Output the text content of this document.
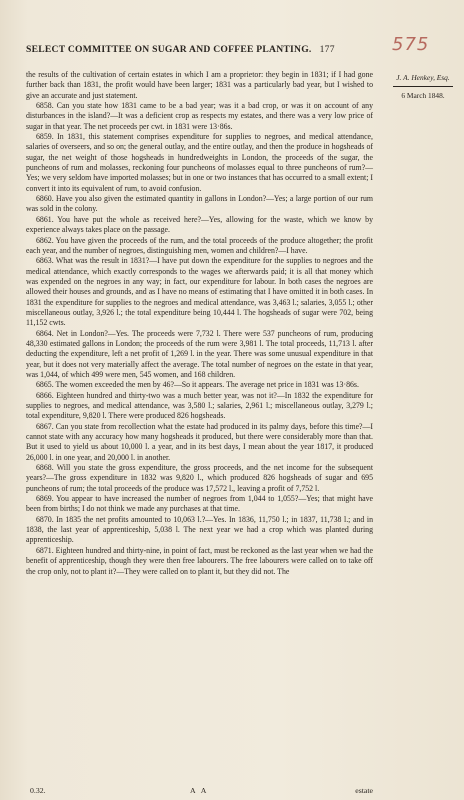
SELECT COMMITTEE ON SUGAR AND COFFEE PLANTING. 177	575
J. A. Henkey, Esq.
6 March 1848.

the results of the cultivation of certain estates in which I am a proprietor: they begin in 1831; if I had gone further back than 1831, the profit would have been larger; 1831 was a particularly bad year, but I wished to give an accurate and just statement.

6858. Can you state how 1831 came to be a bad year; was it a bad crop, or was it on account of any disturbances in the island?—It was a deficient crop as respects my estates, and there was a very low price of sugar in that year. The net proceeds per cwt. in 1831 were 13·86s.

6859. In 1831, this statement comprises expenditure for supplies to negroes, and medical attendance, salaries of overseers, and so on; the general outlay, and the entire outlay, and then the produce in hogsheads of sugar, the net weight of those hogsheads in hundredweights in London, the proceeds of the sugar, the puncheons of rum and molasses, reckoning four puncheons of molasses equal to three puncheons of rum?—Yes; we very seldom have imported molasses; but in one or two instances that has occurred to a small extent; I convert it into its equivalent of rum, to avoid confusion.

6860. Have you also given the estimated quantity in gallons in London?—Yes; a large portion of our rum was sold in the colony.

6861. You have put the whole as received here?—Yes, allowing for the waste, which we know by experience always takes place on the passage.

6862. You have given the proceeds of the rum, and the total proceeds of the produce altogether; the profit each year, and the number of negroes, distinguishing men, women and children?—I have.

6863. What was the result in 1831?—I have put down the expenditure for the supplies to negroes and the medical attendance, which exactly corresponds to the wages we afterwards paid; it is all that money which was expended on the negroes in any way; in fact, our expenditure for labour. In both cases the negroes are allowed their houses and grounds, and as I have no means of estimating that I have omitted it in both cases. In 1831 the expenditure for supplies to the negroes and medical attendance, was 3,463 l.; salaries, 3,055 l.; other miscellaneous outlay, 3,926 l.; the total expenditure being 10,444 l. The hogsheads of sugar were 702, being 11,152 cwts.

6864. Net in London?—Yes. The proceeds were 7,732 l. There were 537 puncheons of rum, producing 48,330 estimated gallons in London; the proceeds of the rum were 3,981 l. The total proceeds, 11,713 l. after deducting the expenditure, left a net profit of 1,269 l. in the year. There was some unusual expenditure in that year, but it does not very materially affect the average. The total number of negroes on the estate in that year, was 1,044, of which 499 were men, 545 women, and 168 children.

6865. The women exceeded the men by 46?—So it appears. The average net price in 1831 was 13·86s.

6866. Eighteen hundred and thirty-two was a much better year, was not it?—In 1832 the expenditure for supplies to negroes, and medical attendance, was 3,580 l.; salaries, 2,961 l.; miscellaneous outlay, 3,279 l.; total expenditure, 9,820 l. There were produced 826 hogsheads.

6867. Can you state from recollection what the estate had produced in its palmy days, before this time?—I cannot state with any accuracy how many hogsheads it produced, but there were considerably more than that. But it used to yield us about 10,000 l. a year, and in its best days, I mean about the year 1817, it produced 26,000 l. in one year, and 20,000 l. in another.

6868. Will you state the gross expenditure, the gross proceeds, and the net income for the subsequent years?—The gross expenditure in 1832 was 9,820 l., which produced 826 hogsheads of sugar and 695 puncheons of rum; the total proceeds of the produce was 17,572 l., leaving a profit of 7,752 l.

6869. You appear to have increased the number of negroes from 1,044 to 1,055?—Yes; that might have been from births; I do not think we made any purchases at that time.

6870. In 1835 the net profits amounted to 10,063 l.?—Yes. In 1836, 11,750 l.; in 1837, 11,738 l.; and in 1838, the last year of apprenticeship, 5,038 l. The next year we had a crop which was planted during apprenticeship.

6871. Eighteen hundred and thirty-nine, in point of fact, must be reckoned as the last year when we had the benefit of apprenticeship, though they were then free labourers. The free labourers were called on to take off the crop only, not to plant it?—They were called on to plant it, but they did not. The

0.32.	A A	estate
